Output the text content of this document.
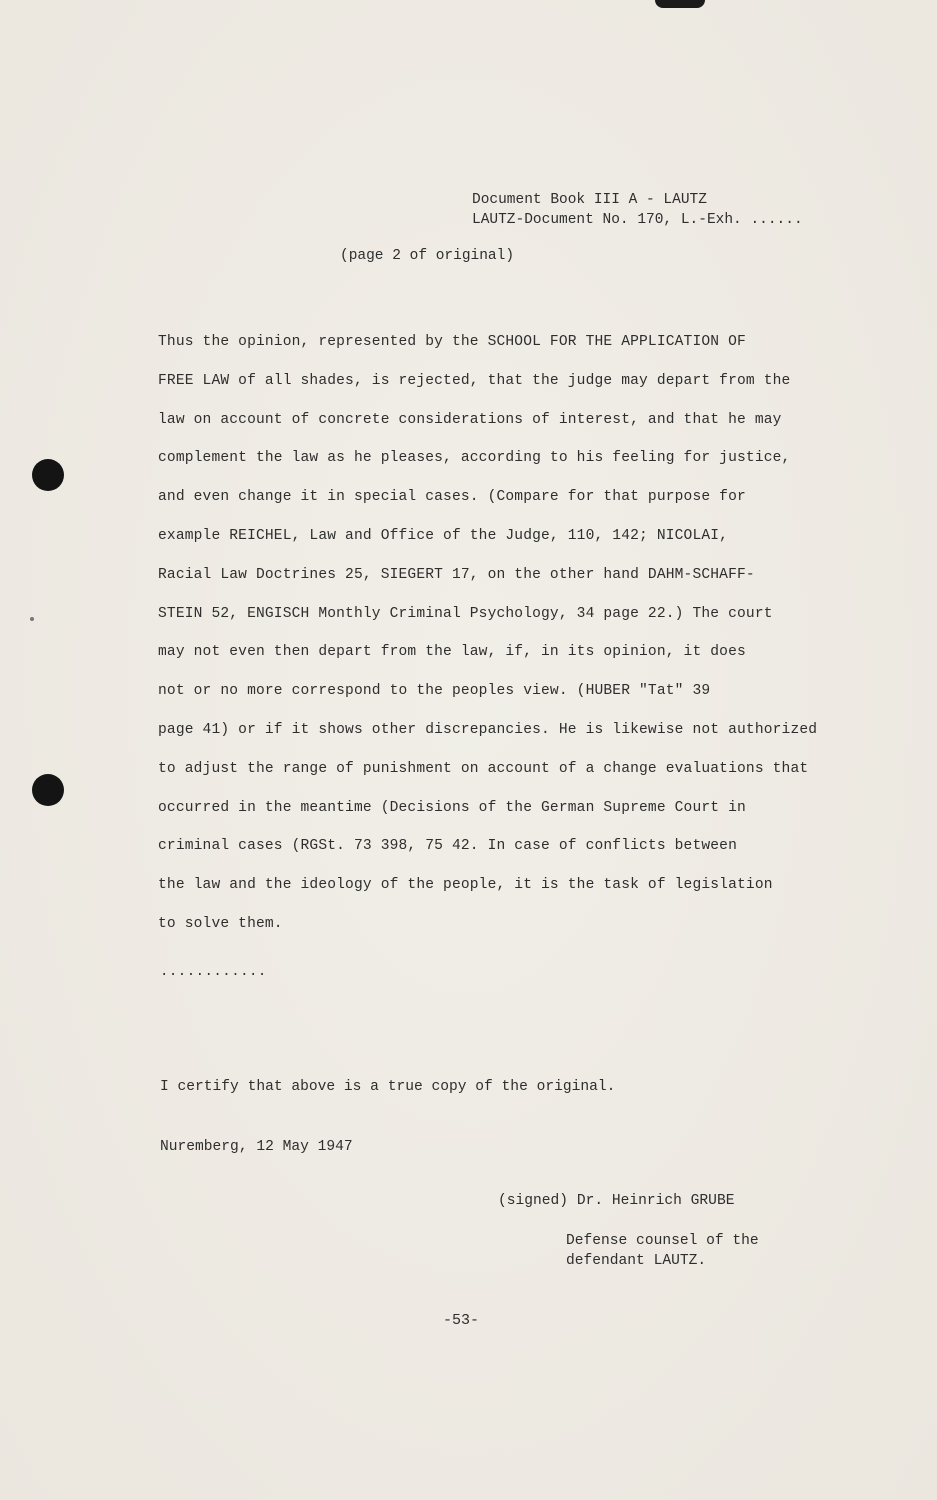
Document Book III A - LAUTZ
LAUTZ-Document No. 170, L.-Exh. ......
(page 2 of original)
Thus the opinion, represented by the SCHOOL FOR THE APPLICATION OF
FREE LAW of all shades, is rejected, that the judge may depart from the
law on account of concrete considerations of interest, and that he may
complement the law as he pleases, according to his feeling for justice,
and even change it in special cases. (Compare for that purpose for
example REICHEL, Law and Office of the Judge, 110, 142; NICOLAI,
Racial Law Doctrines 25, SIEGERT 17, on the other hand DAHM-SCHAFF-
STEIN 52, ENGISCH Monthly Criminal Psychology, 34 page 22.) The court
may not even then depart from the law, if, in its opinion, it does
not or no more correspond to the peoples view. (HUBER "Tat" 39
page 41) or if it shows other discrepancies. He is likewise not authorized
to adjust the range of punishment on account of a change evaluations that
occurred in the meantime (Decisions of the German Supreme Court in
criminal cases (RGSt. 73 398, 75 42. In case of conflicts between
the law and the ideology of the people, it is the task of legislation
to solve them.
............
I certify that above is a true copy of the original.
Nuremberg, 12 May 1947
(signed) Dr. Heinrich GRUBE
Defense counsel of the
defendant LAUTZ.
-53-
